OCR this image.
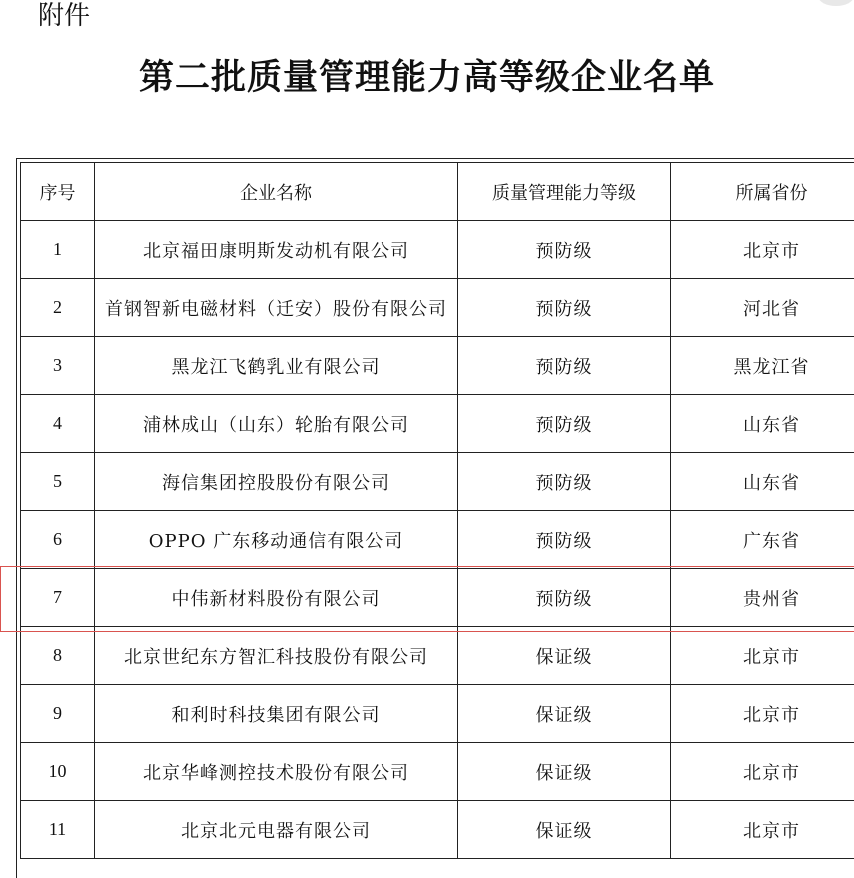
附件
第二批质量管理能力高等级企业名单
序号	企业名称	质量管理能力等级	所属省份
1	北京福田康明斯发动机有限公司	预防级	北京市
2	首钢智新电磁材料（迁安）股份有限公司	预防级	河北省
3	黑龙江飞鹤乳业有限公司	预防级	黑龙江省
4	浦林成山（山东）轮胎有限公司	预防级	山东省
5	海信集团控股股份有限公司	预防级	山东省
6	OPPO 广东移动通信有限公司	预防级	广东省
7	中伟新材料股份有限公司	预防级	贵州省
8	北京世纪东方智汇科技股份有限公司	保证级	北京市
9	和利时科技集团有限公司	保证级	北京市
10	北京华峰测控技术股份有限公司	保证级	北京市
11	北京北元电器有限公司	保证级	北京市
